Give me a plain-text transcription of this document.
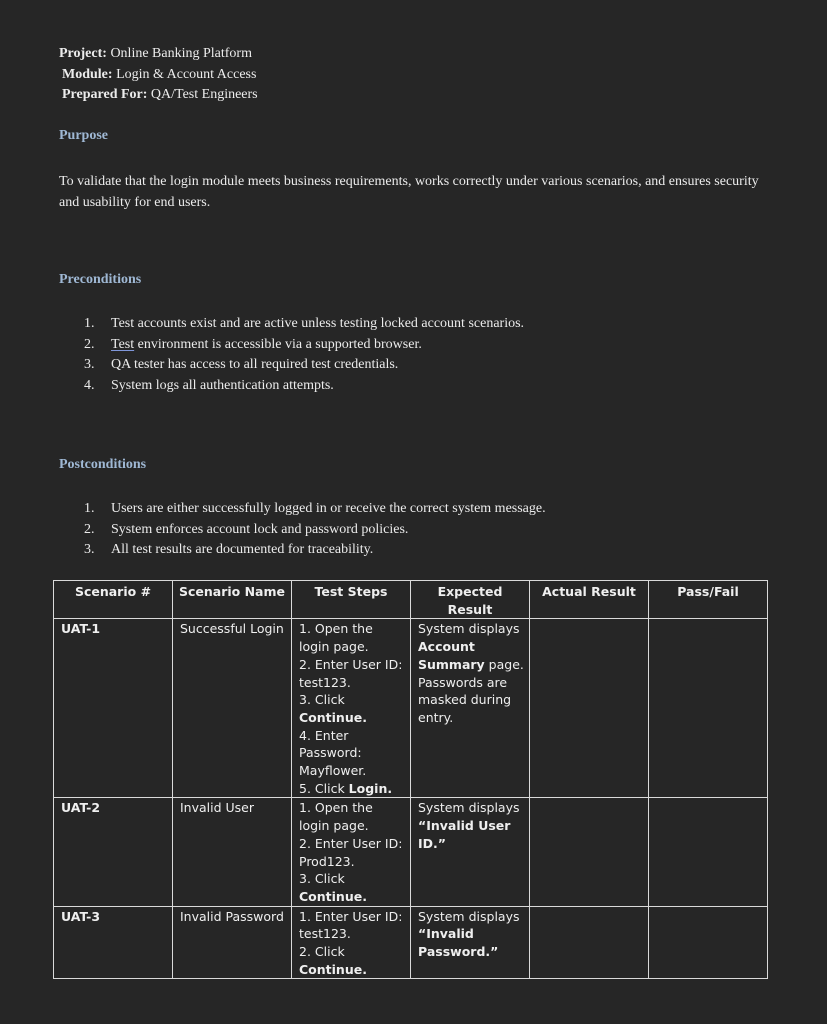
Project: Online Banking Platform
Module: Login & Account Access
Prepared For: QA/Test Engineers
Purpose
To validate that the login module meets business requirements, works correctly under various scenarios, and ensures security and usability for end users.
Preconditions
1.	Test accounts exist and are active unless testing locked account scenarios.
2.	Test environment is accessible via a supported browser.
3.	QA tester has access to all required test credentials.
4.	System logs all authentication attempts.
Postconditions
1.	Users are either successfully logged in or receive the correct system message.
2.	System enforces account lock and password policies.
3.	All test results are documented for traceability.
Scenario #	Scenario Name	Test Steps	Expected Result	Actual Result	Pass/Fail
UAT-1	Successful Login	1. Open the login page.
2. Enter User ID: test123.
3. Click Continue.
4. Enter Password: Mayflower.
5. Click Login.	System displays Account Summary page. Passwords are masked during entry.		
UAT-2	Invalid User	1. Open the login page.
2. Enter User ID: Prod123.
3. Click Continue.	System displays “Invalid User ID.”		
UAT-3	Invalid Password	1. Enter User ID: test123.
2. Click Continue.	System displays “Invalid Password.”		
